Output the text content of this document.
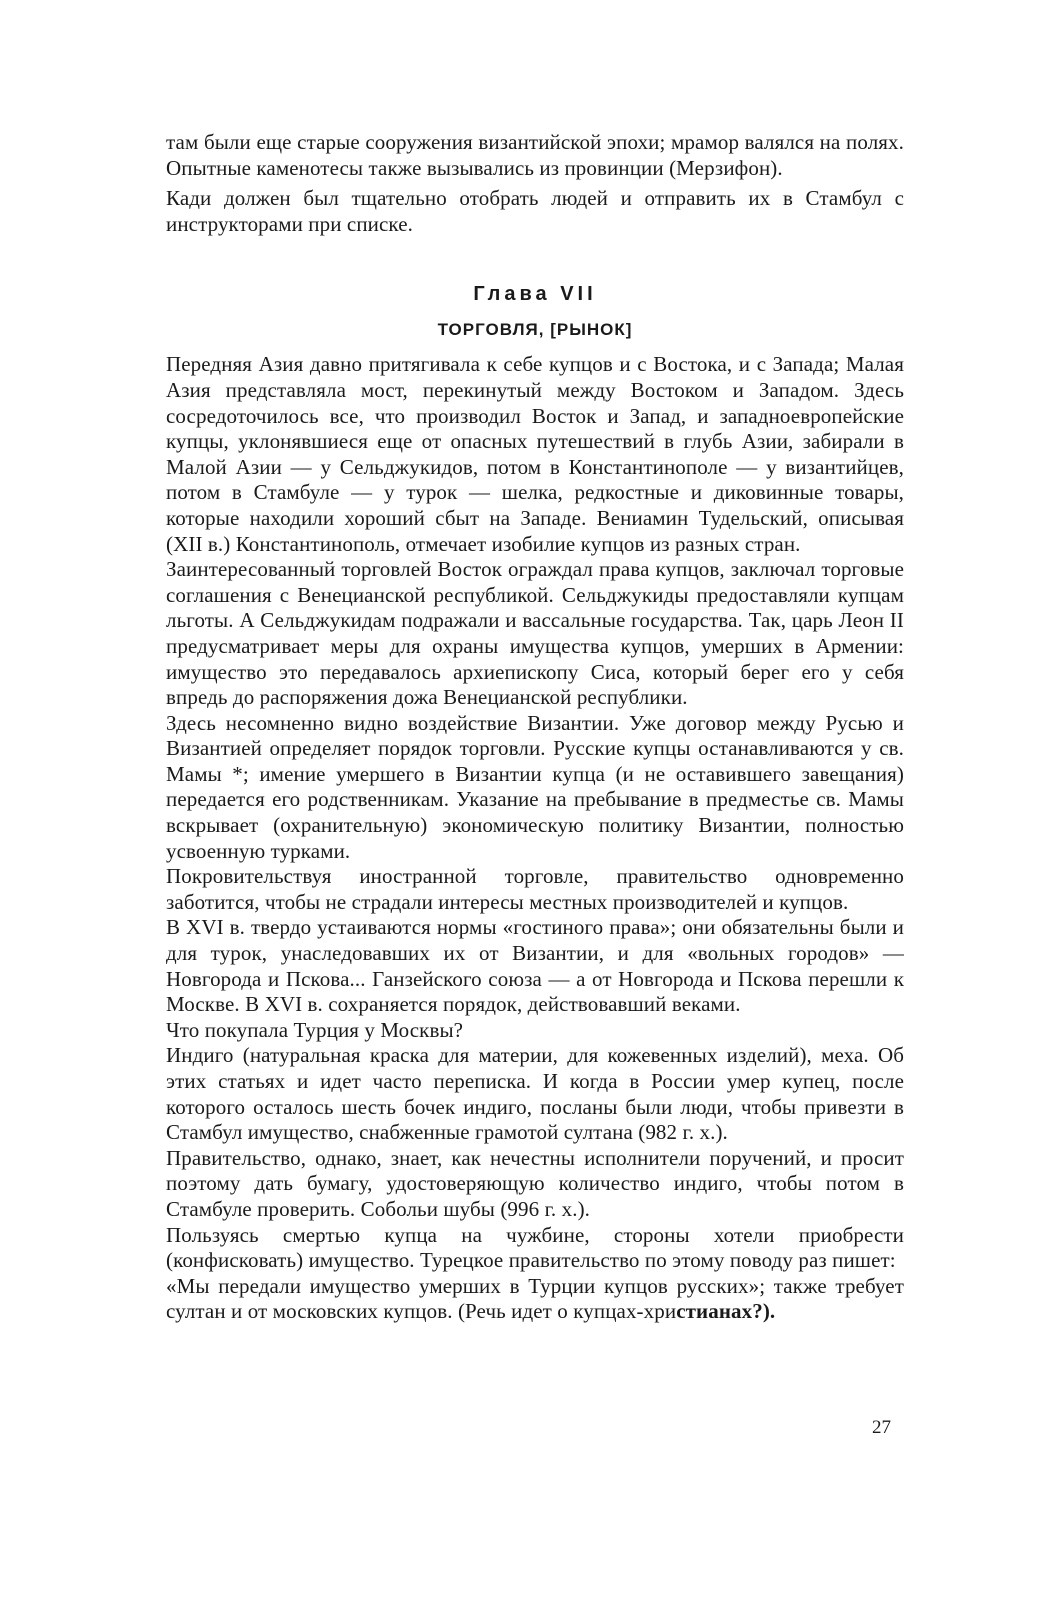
там были еще старые сооружения византийской эпохи; мрамор валялся на полях. Опытные каменотесы также вызывались из провинции (Мерзифон).

Кади должен был тщательно отобрать людей и отправить их в Стамбул с инструкторами при списке.

Глава VII
ТОРГОВЛЯ, [РЫНОК]

Передняя Азия давно притягивала к себе купцов и с Востока, и с Запада; Малая Азия представляла мост, перекинутый между Востоком и Западом. Здесь сосредоточилось все, что производил Восток и Запад, и западноевропейские купцы, уклонявшиеся еще от опасных путешествий в глубь Азии, забирали в Малой Азии — у Сельджукидов, потом в Константинополе — у византийцев, потом в Стамбуле — у турок — шелка, редкостные и диковинные товары, которые находили хороший сбыт на Западе. Вениамин Тудельский, описывая (XII в.) Константинополь, отмечает изобилие купцов из разных стран.

Заинтересованный торговлей Восток ограждал права купцов, заключал торговые соглашения с Венецианской республикой. Сельджукиды предоставляли купцам льготы. А Сельджукидам подражали и вассальные государства. Так, царь Леон II предусматривает меры для охраны имущества купцов, умерших в Армении: имущество это передавалось архиепископу Сиса, который берег его у себя впредь до распоряжения дожа Венецианской республики.

Здесь несомненно видно воздействие Византии. Уже договор между Русью и Византией определяет порядок торговли. Русские купцы останавливаются у св. Мамы *; имение умершего в Византии купца (и не оставившего завещания) передается его родственникам. Указание на пребывание в предместье св. Мамы вскрывает (охранительную) экономическую политику Византии, полностью усвоенную турками.

Покровительствуя иностранной торговле, правительство одновременно заботится, чтобы не страдали интересы местных производителей и купцов.

В XVI в. твердо устаиваются нормы «гостиного права»; они обязательны были и для турок, унаследовавших их от Византии, и для «вольных городов» — Новгорода и Пскова... Ганзейского союза — а от Новгорода и Пскова перешли к Москве. В XVI в. сохраняется порядок, действовавший веками.

Что покупала Турция у Москвы?

Индиго (натуральная краска для материи, для кожевенных изделий), меха. Об этих статьях и идет часто переписка. И когда в России умер купец, после которого осталось шесть бочек индиго, посланы были люди, чтобы привезти в Стамбул имущество, снабженные грамотой султана (982 г. х.).

Правительство, однако, знает, как нечестны исполнители поручений, и просит поэтому дать бумагу, удостоверяющую количество индиго, чтобы потом в Стамбуле проверить. Собольи шубы (996 г. х.).

Пользуясь смертью купца на чужбине, стороны хотели приобрести (конфисковать) имущество. Турецкое правительство по этому поводу раз пишет:

«Мы передали имущество умерших в Турции купцов русских»; также требует султан и от московских купцов. (Речь идет о купцах-христианах?).

27
